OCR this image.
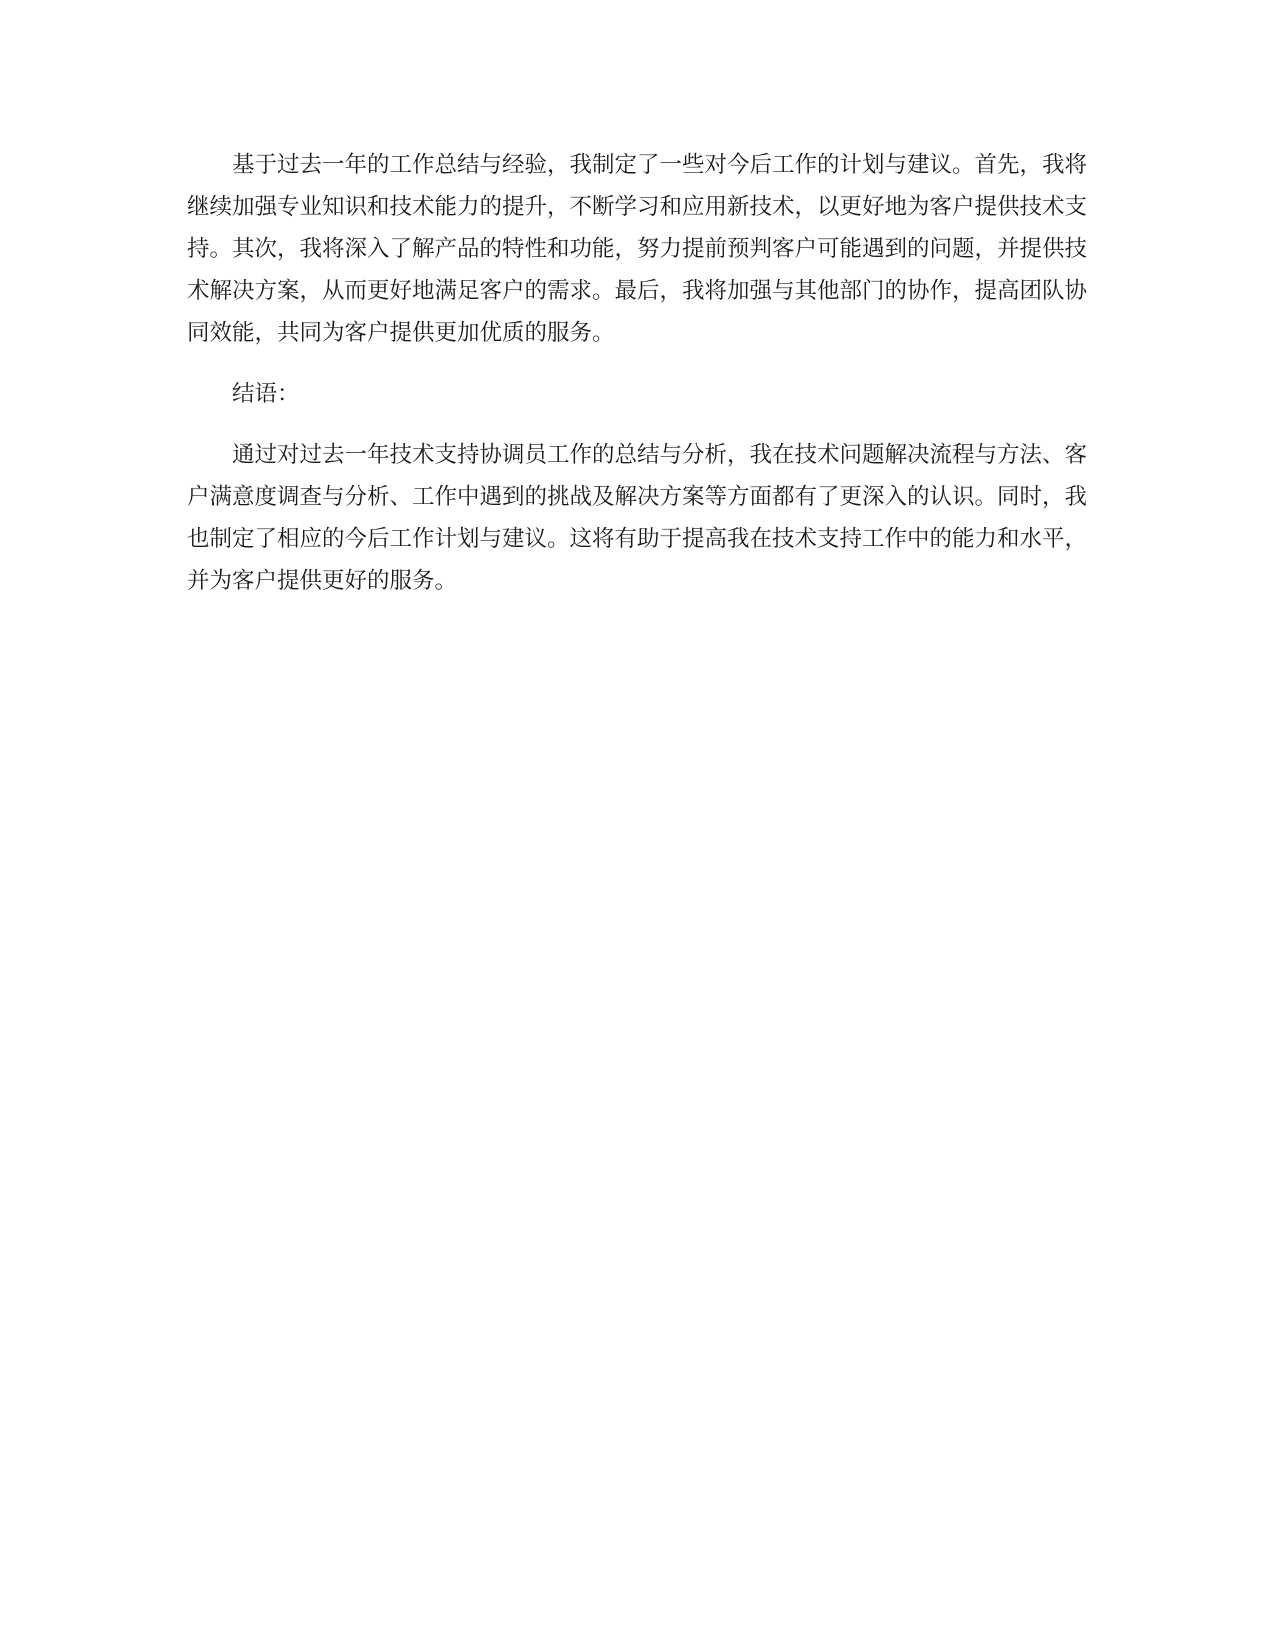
基于过去一年的工作总结与经验，我制定了一些对今后工作的计划与建议。首先，我将继续加强专业知识和技术能力的提升，不断学习和应用新技术，以更好地为客户提供技术支持。其次，我将深入了解产品的特性和功能，努力提前预判客户可能遇到的问题，并提供技术解决方案，从而更好地满足客户的需求。最后，我将加强与其他部门的协作，提高团队协同效能，共同为客户提供更加优质的服务。

结语：

通过对过去一年技术支持协调员工作的总结与分析，我在技术问题解决流程与方法、客户满意度调查与分析、工作中遇到的挑战及解决方案等方面都有了更深入的认识。同时，我也制定了相应的今后工作计划与建议。这将有助于提高我在技术支持工作中的能力和水平，并为客户提供更好的服务。
